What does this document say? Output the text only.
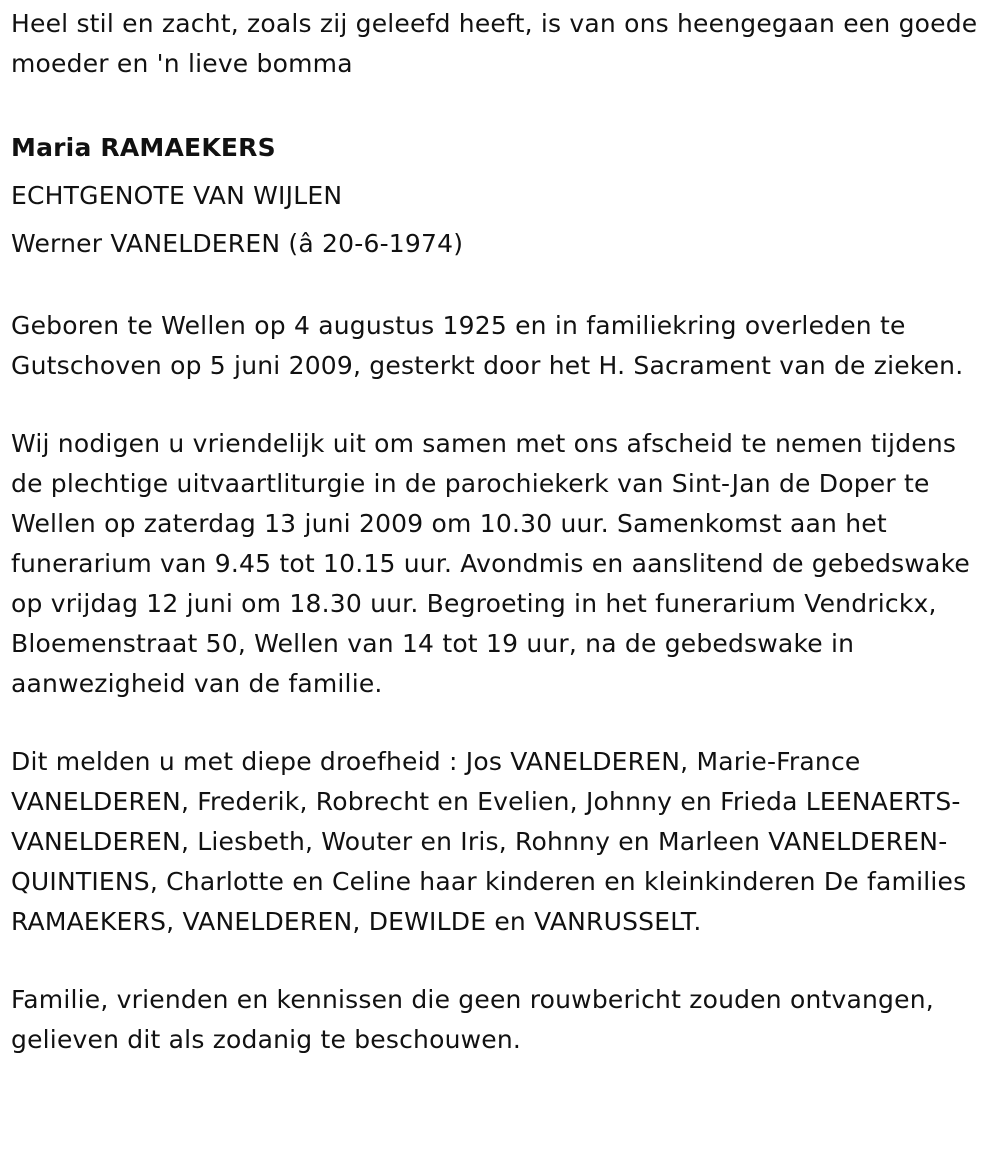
Heel stil en zacht, zoals zij geleefd heeft, is van ons heengegaan een goede moeder en 'n lieve bomma

Maria RAMAEKERS
ECHTGENOTE VAN WIJLEN
Werner VANELDEREN (â 20-6-1974)

Geboren te Wellen op 4 augustus 1925 en in familiekring overleden te Gutschoven op 5 juni 2009, gesterkt door het H. Sacrament van de zieken.

Wij nodigen u vriendelijk uit om samen met ons afscheid te nemen tijdens de plechtige uitvaartliturgie in de parochiekerk van Sint-Jan de Doper te Wellen op zaterdag 13 juni 2009 om 10.30 uur. Samenkomst aan het funerarium van 9.45 tot 10.15 uur. Avondmis en aanslitend de gebedswake op vrijdag 12 juni om 18.30 uur. Begroeting in het funerarium Vendrickx, Bloemenstraat 50, Wellen van 14 tot 19 uur, na de gebedswake in aanwezigheid van de familie.

Dit melden u met diepe droefheid : Jos VANELDEREN, Marie-France VANELDEREN, Frederik, Robrecht en Evelien, Johnny en Frieda LEENAERTS-VANELDEREN, Liesbeth, Wouter en Iris, Rohnny en Marleen VANELDEREN-QUINTIENS, Charlotte en Celine haar kinderen en kleinkinderen De families RAMAEKERS, VANELDEREN, DEWILDE en VANRUSSELT.

Familie, vrienden en kennissen die geen rouwbericht zouden ontvangen, gelieven dit als zodanig te beschouwen.
